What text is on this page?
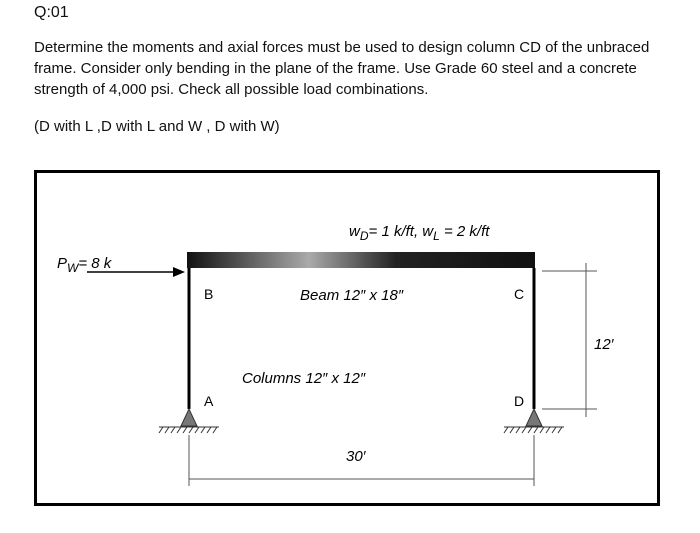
Q:01
Determine the moments and axial forces must be used to design column CD of the unbraced frame. Consider only bending in the plane of the frame. Use Grade 60 steel and a concrete strength of 4,000 psi. Check all possible load combinations.
(D with L ,D with L and W , D with W)
$w_D= 1$ k/ft, $w_L = 2$ k/ft
$P_W= 8$ k
B	C
A	D
Beam 12″ x 18″
Columns 12″ x 12″
30′
12′
